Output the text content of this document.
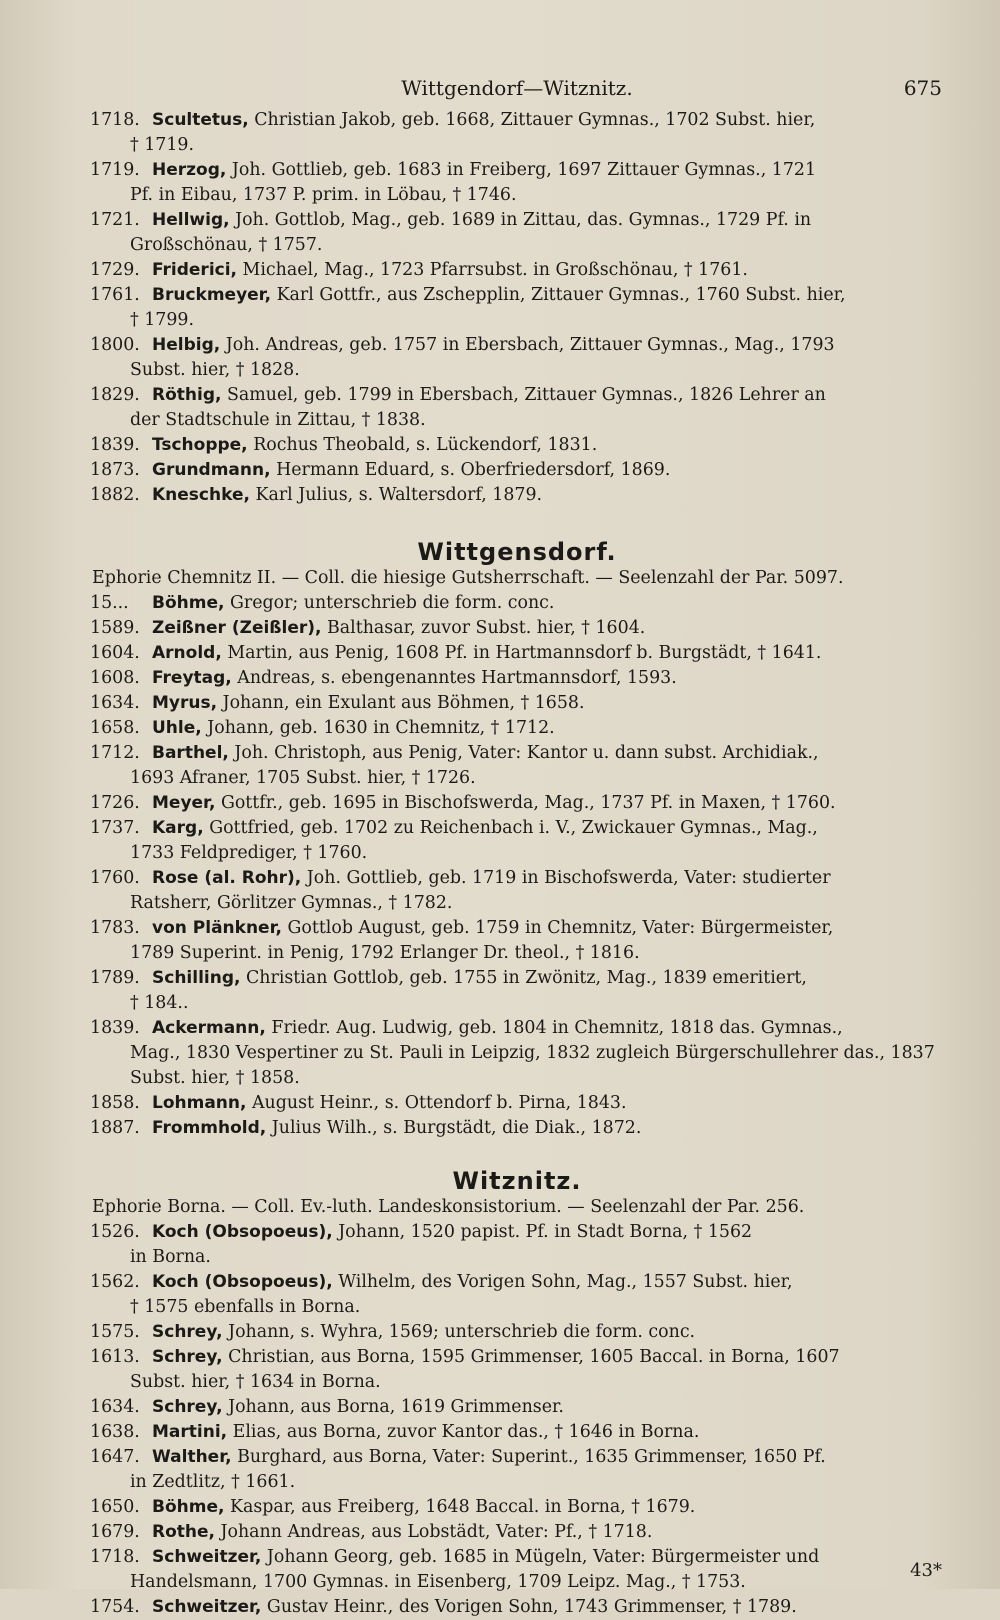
Wittgendorf—Witznitz.	675

1718. Scultetus, Christian Jakob, geb. 1668, Zittauer Gymnas., 1702 Subst. hier,
† 1719.

1719. Herzog, Joh. Gottlieb, geb. 1683 in Freiberg, 1697 Zittauer Gymnas., 1721
Pf. in Eibau, 1737 P. prim. in Löbau, † 1746.

1721. Hellwig, Joh. Gottlob, Mag., geb. 1689 in Zittau, das. Gymnas., 1729 Pf. in
Großschönau, † 1757.

1729. Friderici, Michael, Mag., 1723 Pfarrsubst. in Großschönau, † 1761.

1761. Bruckmeyer, Karl Gottfr., aus Zschepplin, Zittauer Gymnas., 1760 Subst. hier,
† 1799.

1800. Helbig, Joh. Andreas, geb. 1757 in Ebersbach, Zittauer Gymnas., Mag., 1793
Subst. hier, † 1828.

1829. Röthig, Samuel, geb. 1799 in Ebersbach, Zittauer Gymnas., 1826 Lehrer an
der Stadtschule in Zittau, † 1838.

1839. Tschoppe, Rochus Theobald, s. Lückendorf, 1831.

1873. Grundmann, Hermann Eduard, s. Oberfriedersdorf, 1869.

1882. Kneschke, Karl Julius, s. Waltersdorf, 1879.

Wittgensdorf.

Ephorie Chemnitz II. — Coll. die hiesige Gutsherrschaft. — Seelenzahl der Par. 5097.

15... Böhme, Gregor; unterschrieb die form. conc.

1589. Zeißner (Zeißler), Balthasar, zuvor Subst. hier, † 1604.

1604. Arnold, Martin, aus Penig, 1608 Pf. in Hartmannsdorf b. Burgstädt, † 1641.

1608. Freytag, Andreas, s. ebengenanntes Hartmannsdorf, 1593.

1634. Myrus, Johann, ein Exulant aus Böhmen, † 1658.

1658. Uhle, Johann, geb. 1630 in Chemnitz, † 1712.

1712. Barthel, Joh. Christoph, aus Penig, Vater: Kantor u. dann subst. Archidiak.,
1693 Afraner, 1705 Subst. hier, † 1726.

1726. Meyer, Gottfr., geb. 1695 in Bischofswerda, Mag., 1737 Pf. in Maxen, † 1760.

1737. Karg, Gottfried, geb. 1702 zu Reichenbach i. V., Zwickauer Gymnas., Mag.,
1733 Feldprediger, † 1760.

1760. Rose (al. Rohr), Joh. Gottlieb, geb. 1719 in Bischofswerda, Vater: studierter
Ratsherr, Görlitzer Gymnas., † 1782.

1783. von Plänkner, Gottlob August, geb. 1759 in Chemnitz, Vater: Bürgermeister,
1789 Superint. in Penig, 1792 Erlanger Dr. theol., † 1816.

1789. Schilling, Christian Gottlob, geb. 1755 in Zwönitz, Mag., 1839 emeritiert,
† 184..

1839. Ackermann, Friedr. Aug. Ludwig, geb. 1804 in Chemnitz, 1818 das. Gymnas.,
Mag., 1830 Vespertiner zu St. Pauli in Leipzig, 1832 zugleich Bürgerschullehrer das., 1837 Subst. hier, † 1858.

1858. Lohmann, August Heinr., s. Ottendorf b. Pirna, 1843.

1887. Frommhold, Julius Wilh., s. Burgstädt, die Diak., 1872.

Witznitz.

Ephorie Borna. — Coll. Ev.-luth. Landeskonsistorium. — Seelenzahl der Par. 256.

1526. Koch (Obsopoeus), Johann, 1520 papist. Pf. in Stadt Borna, † 1562
in Borna.

1562. Koch (Obsopoeus), Wilhelm, des Vorigen Sohn, Mag., 1557 Subst. hier,
† 1575 ebenfalls in Borna.

1575. Schrey, Johann, s. Wyhra, 1569; unterschrieb die form. conc.

1613. Schrey, Christian, aus Borna, 1595 Grimmenser, 1605 Baccal. in Borna, 1607
Subst. hier, † 1634 in Borna.

1634. Schrey, Johann, aus Borna, 1619 Grimmenser.

1638. Martini, Elias, aus Borna, zuvor Kantor das., † 1646 in Borna.

1647. Walther, Burghard, aus Borna, Vater: Superint., 1635 Grimmenser, 1650 Pf.
in Zedtlitz, † 1661.

1650. Böhme, Kaspar, aus Freiberg, 1648 Baccal. in Borna, † 1679.

1679. Rothe, Johann Andreas, aus Lobstädt, Vater: Pf., † 1718.

1718. Schweitzer, Johann Georg, geb. 1685 in Mügeln, Vater: Bürgermeister und
Handelsmann, 1700 Gymnas. in Eisenberg, 1709 Leipz. Mag., † 1753.

1754. Schweitzer, Gustav Heinr., des Vorigen Sohn, 1743 Grimmenser, † 1789.

43*
